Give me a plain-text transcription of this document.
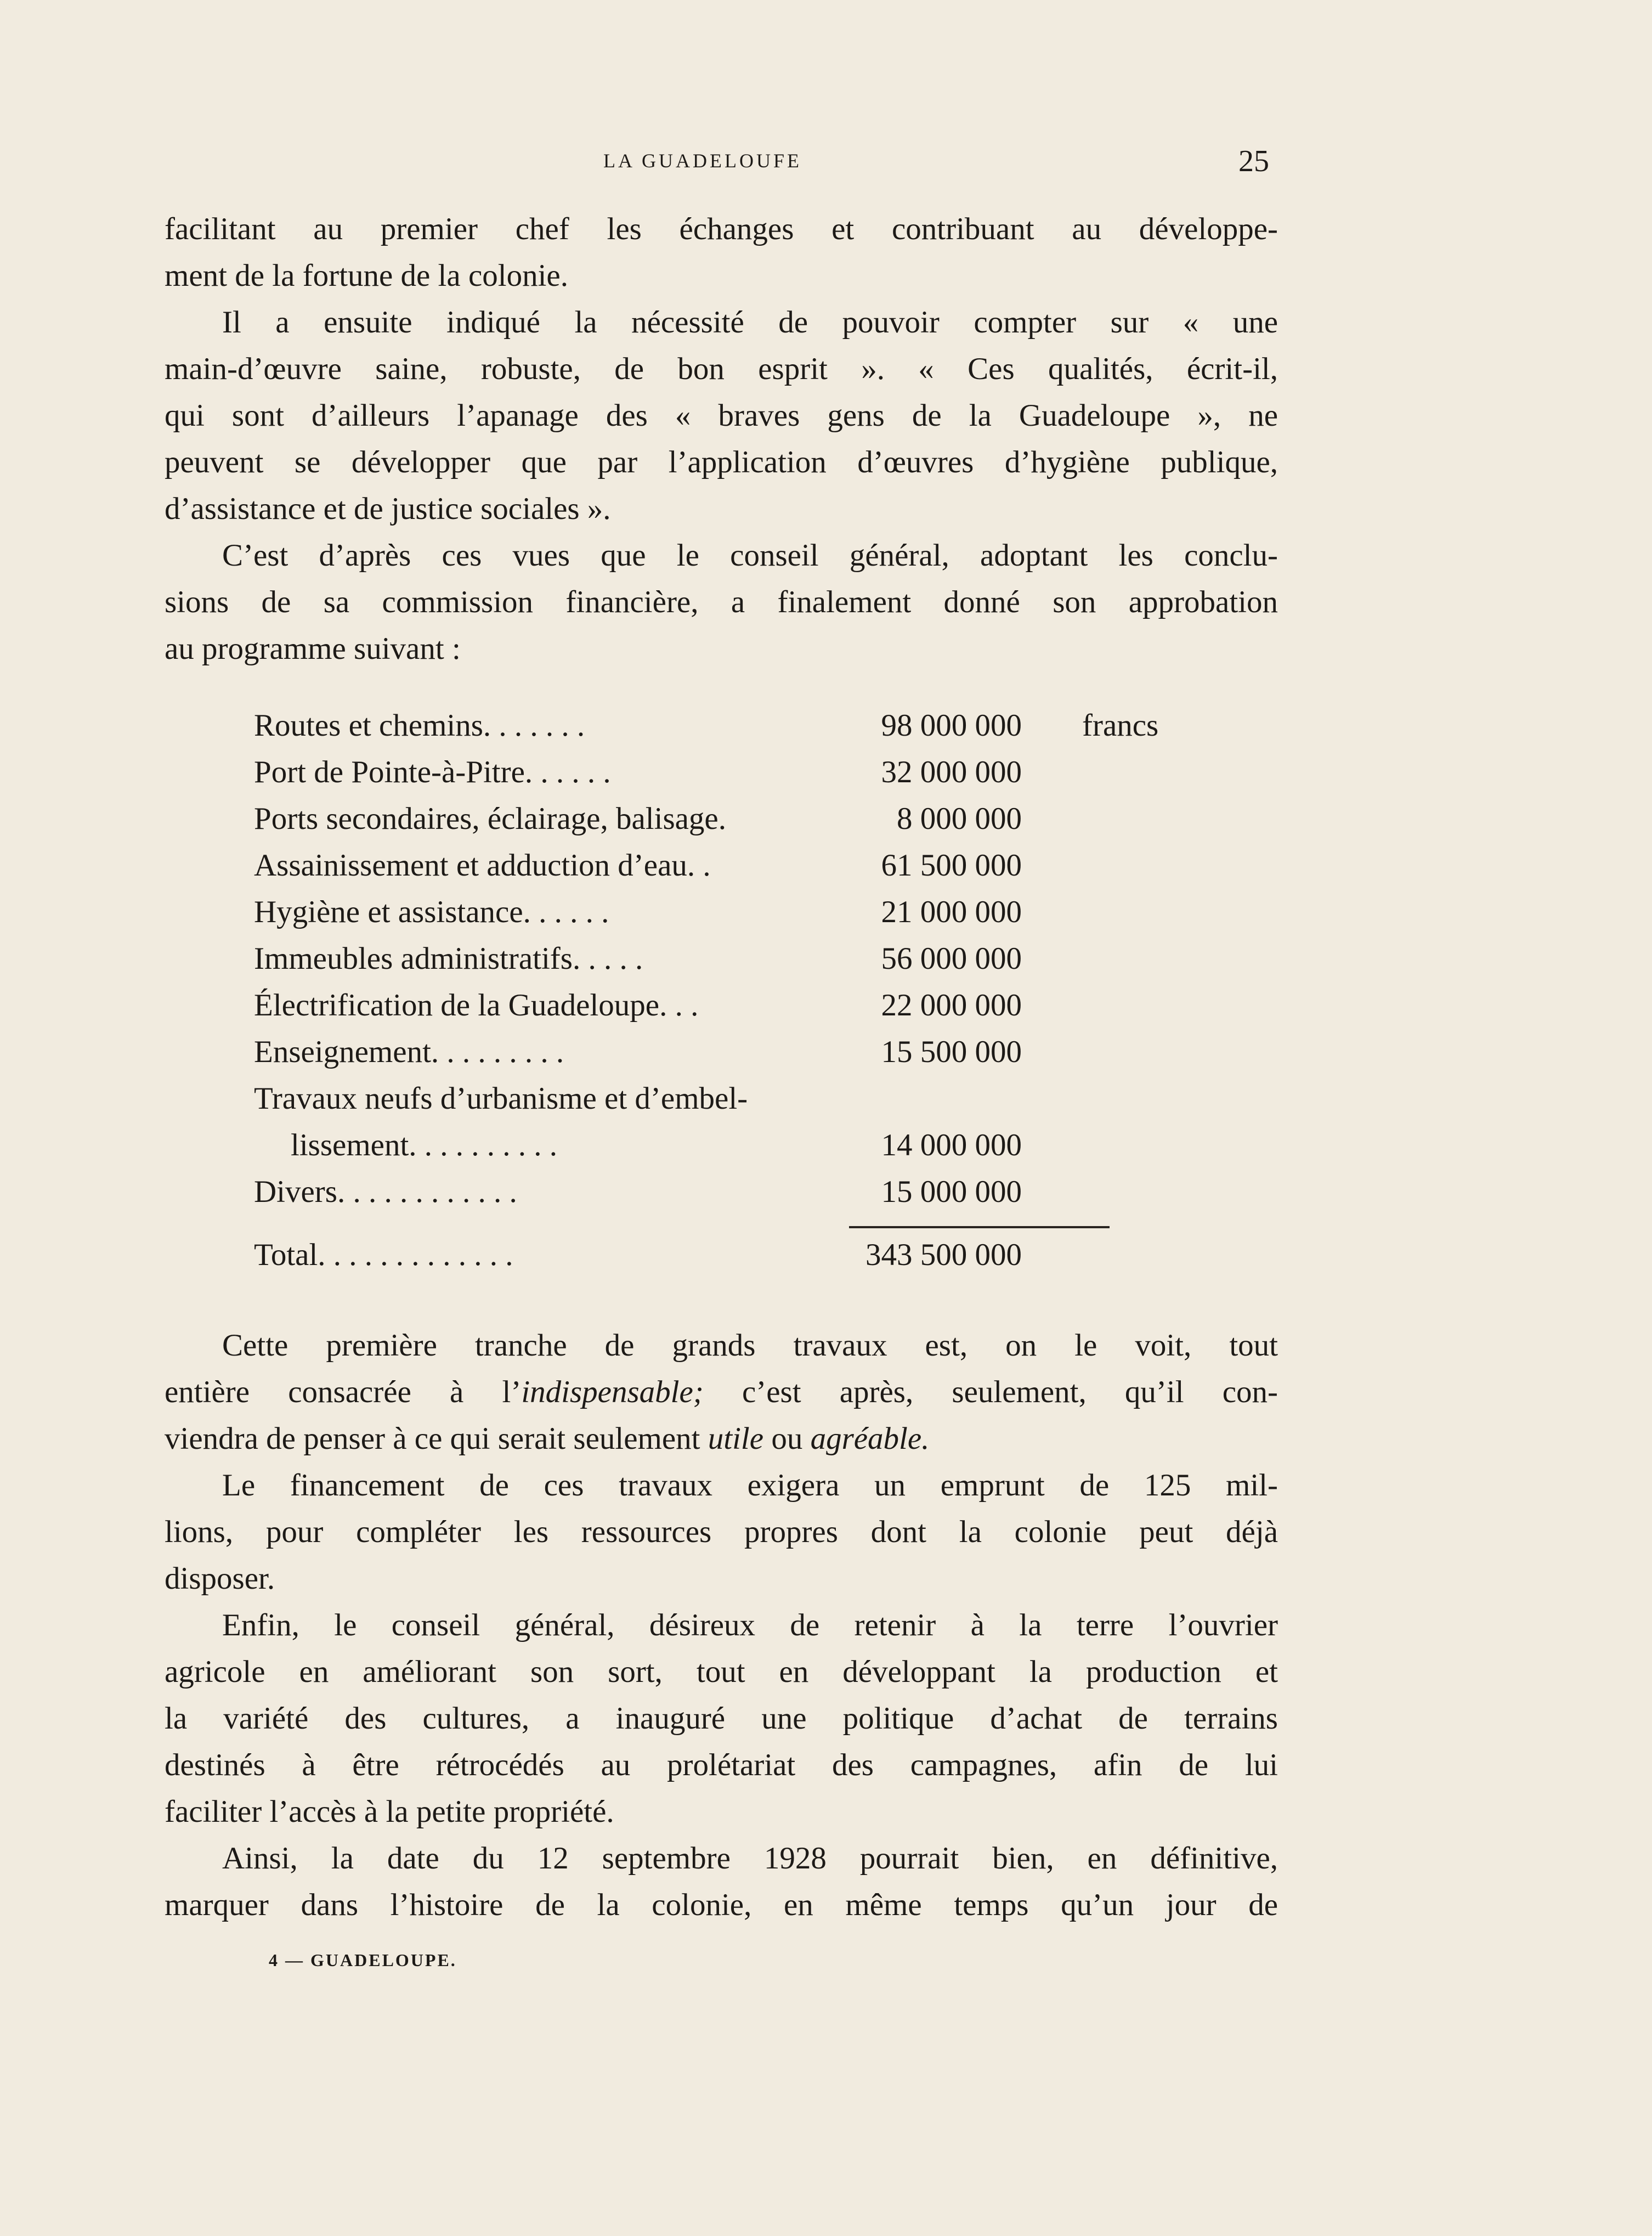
LA GUADELOUFE	25
facilitant au premier chef les échanges et contribuant au développe-
ment de la fortune de la colonie.
Il a ensuite indiqué la nécessité de pouvoir compter sur « une
main-d’œuvre saine, robuste, de bon esprit ». « Ces qualités, écrit-il,
qui sont d’ailleurs l’apanage des « braves gens de la Guadeloupe », ne
peuvent se développer que par l’application d’œuvres d’hygiène publique,
d’assistance et de justice sociales ».
C’est d’après ces vues que le conseil général, adoptant les conclu-
sions de sa commission financière, a finalement donné son approbation
au programme suivant :
Routes et chemins. . . . . . .	98 000 000	francs
Port de Pointe-à-Pitre. . . . . .	32 000 000
Ports secondaires, éclairage, balisage.	8 000 000
Assainissement et adduction d’eau. .	61 500 000
Hygiène et assistance. . . . . .	21 000 000
Immeubles administratifs. . . . .	56 000 000
Électrification de la Guadeloupe. . .	22 000 000
Enseignement. . . . . . . . .	15 500 000
Travaux neufs d’urbanisme et d’embel-
lissement. . . . . . . . . .	14 000 000
Divers. . . . . . . . . . . .	15 000 000
Total. . . . . . . . . . . . .	343 500 000
Cette première tranche de grands travaux est, on le voit, tout
entière consacrée à l’indispensable; c’est après, seulement, qu’il con-
viendra de penser à ce qui serait seulement utile ou agréable.
Le financement de ces travaux exigera un emprunt de 125 mil-
lions, pour compléter les ressources propres dont la colonie peut déjà
disposer.
Enfin, le conseil général, désireux de retenir à la terre l’ouvrier
agricole en améliorant son sort, tout en développant la production et
la variété des cultures, a inauguré une politique d’achat de terrains
destinés à être rétrocédés au prolétariat des campagnes, afin de lui
faciliter l’accès à la petite propriété.
Ainsi, la date du 12 septembre 1928 pourrait bien, en définitive,
marquer dans l’histoire de la colonie, en même temps qu’un jour de
4 — GUADELOUPE.
